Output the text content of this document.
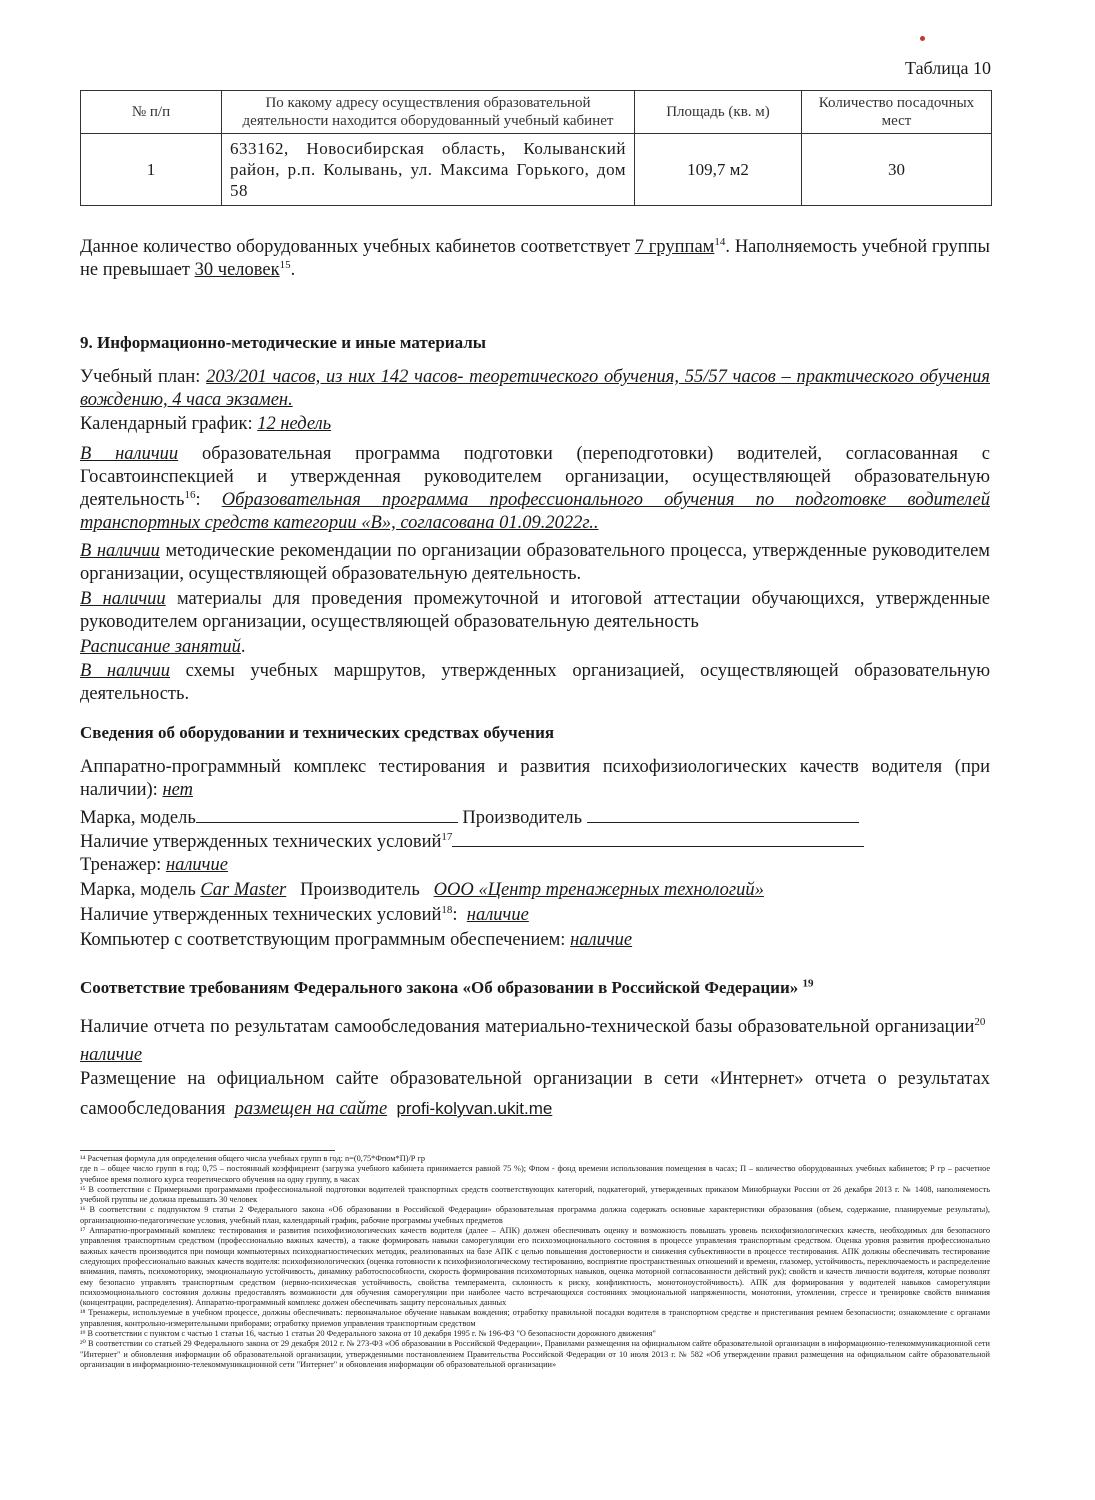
Таблица 10
№ п/п	По какому адресу осуществления образовательной деятельности находится оборудованный учебный кабинет	Площадь (кв. м)	Количество посадочных мест
1	633162, Новосибирская область, Колыванский район, р.п. Колывань, ул. Максима Горького, дом 58	109,7 м2	30
Данное количество оборудованных учебных кабинетов соответствует 7 группам$^{14}$. Наполняемость учебной группы не превышает 30 человек$^{15}$.
9. Информационно-методические и иные материалы
Учебный план: 203/201 часов, из них 142 часов- теоретического обучения, 55/57 часов – практического обучения вождению, 4 часа экзамен.
Календарный график: 12 недель
В наличии образовательная программа подготовки (переподготовки) водителей, согласованная с Госавтоинспекцией и утвержденная руководителем организации, осуществляющей образовательную деятельность$^{16}$: Образовательная программа профессионального обучения по подготовке водителей транспортных средств категории «В», согласована 01.09.2022г..
В наличии методические рекомендации по организации образовательного процесса, утвержденные руководителем организации, осуществляющей образовательную деятельность.
В наличии материалы для проведения промежуточной и итоговой аттестации обучающихся, утвержденные руководителем организации, осуществляющей образовательную деятельность
Расписание занятий.
В наличии схемы учебных маршрутов, утвержденных организацией, осуществляющей образовательную деятельность.
Сведения об оборудовании и технических средствах обучения
Аппаратно-программный комплекс тестирования и развития психофизиологических качеств водителя (при наличии): нет
Марка, модель	Производитель
Наличие утвержденных технических условий$^{17}$
Тренажер: наличие
Марка, модель Car Master Производитель ООО «Центр тренажерных технологий»
Наличие утвержденных технических условий$^{18}$: наличие
Компьютер с соответствующим программным обеспечением: наличие
Соответствие требованиям Федерального закона «Об образовании в Российской Федерации» $^{19}$
Наличие отчета по результатам самообследования материально-технической базы образовательной организации$^{20}$  наличие
Размещение на официальном сайте образовательной организации в сети «Интернет» отчета о результатах самообследования размещен на сайте profi-kolyvan.ukit.me

¹⁴ Расчетная формула для определения общего числа учебных групп в год: n=(0,75*Фпом*П)/Р гр

где n – общее число групп в год; 0,75 – постоянный коэффициент (загрузка учебного кабинета принимается равной 75 %); Фпом - фонд времени использования помещения в часах; П – количество оборудованных учебных кабинетов; Р гр – расчетное учебное время полного курса теоретического обучения на одну группу, в часах

¹⁵ В соответствии с Примерными программами профессиональной подготовки водителей транспортных средств соответствующих категорий, подкатегорий, утвержденных приказом Минобрнауки России от 26 декабря 2013 г. № 1408, наполняемость учебной группы не должна превышать 30 человек

¹⁶ В соответствии с подпунктом 9 статьи 2 Федерального закона «Об образовании в Российской Федерации» образовательная программа должна содержать основные характеристики образования (объем, содержание, планируемые результаты), организационно-педагогические условия, учебный план, календарный график, рабочие программы учебных предметов

¹⁷ Аппаратно-программный комплекс тестирования и развития психофизиологических качеств водителя (далее – АПК) должен обеспечивать оценку и возможность повышать уровень психофизиологических качеств, необходимых для безопасного управления транспортным средством (профессионально важных качеств), а также формировать навыки саморегуляции его психоэмоционального состояния в процессе управления транспортным средством. Оценка уровня развития профессионально важных качеств производится при помощи компьютерных психодиагностических методик, реализованных на базе АПК с целью повышения достоверности и снижения субъективности в процессе тестирования. АПК должны обеспечивать тестирование следующих профессионально важных качеств водителя: психофизиологических (оценка готовности к психофизиологическому тестированию, восприятие пространственных отношений и времени, глазомер, устойчивость, переключаемость и распределение внимания, память, психомоторику, эмоциональную устойчивость, динамику работоспособности, скорость формирования психомоторных навыков, оценка моторной согласованности действий рук); свойств и качеств личности водителя, которые позволят ему безопасно управлять транспортным средством (нервно-психическая устойчивость, свойства темперамента, склонность к риску, конфликтность, монотоноустойчивость). АПК для формирования у водителей навыков саморегуляции психоэмоционального состояния должны предоставлять возможности для обучения саморегуляции при наиболее часто встречающихся состояниях эмоциональной напряженности, монотонии, утомлении, стрессе и тренировке свойств внимания (концентрации, распределения). Аппаратно-программный комплекс должен обеспечивать защиту персональных данных

¹⁸ Тренажеры, используемые в учебном процессе, должны обеспечивать: первоначальное обучение навыкам вождения; отработку правильной посадки водителя в транспортном средстве и пристегивания ремнем безопасности; ознакомление с органами управления, контрольно-измерительными приборами; отработку приемов управления транспортным средством

¹⁹ В соответствии с пунктом с частью 1 статьи 16, частью 1 статьи 20 Федерального закона от 10 декабря 1995 г. № 196-ФЗ "О безопасности дорожного движения"

²⁰ В соответствии со статьей 29 Федерального закона от 29 декабря 2012 г. № 273-ФЗ «Об образовании в Российской Федерации», Правилами размещения на официальном сайте образовательной организации в информационно-телекоммуникационной сети "Интернет" и обновления информации об образовательной организации, утвержденными постановлением Правительства Российской Федерации от 10 июля 2013 г. № 582 «Об утверждении правил размещения на официальном сайте образовательной организации в информационно-телекоммуникационной сети "Интернет" и обновления информации об образовательной организации»
